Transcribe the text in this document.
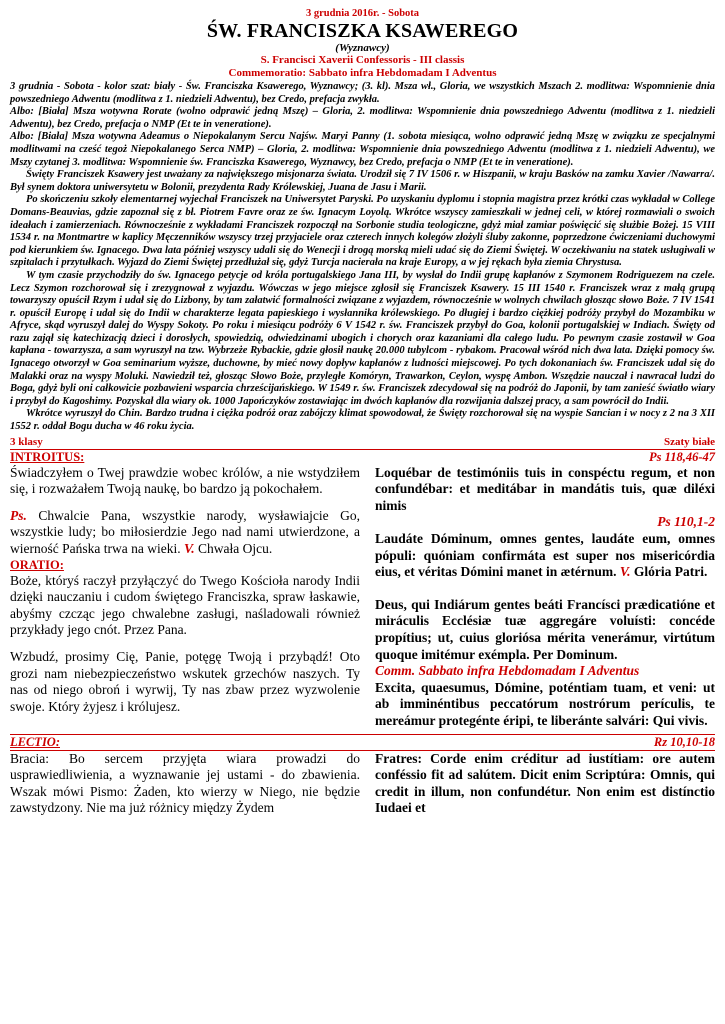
3 grudnia 2016r. - Sobota
ŚW. FRANCISZKA KSAWEREGO
(Wyznawcy)
S. Francisci Xaverii Confessoris - III classis
Commemoratio: Sabbato infra Hebdomadam I Adventus

3 grudnia - Sobota - kolor szat: biały - Św. Franciszka Ksawerego, Wyznawcy; (3. kl). Msza wł., Gloria, we wszystkich Mszach 2. modlitwa: Wspomnienie dnia powszedniego Adwentu (modlitwa z 1. niedzieli Adwentu), bez Credo, prefacja zwykła.

Albo: [Biała] Msza wotywna Rorate (wolno odprawić jedną Mszę) – Gloria, 2. modlitwa: Wspomnienie dnia powszedniego Adwentu (modlitwa z 1. niedzieli Adwentu), bez Credo, prefacja o NMP (Et te in veneratione).

Albo: [Biała] Msza wotywna Adeamus o Niepokalanym Sercu Najśw. Maryi Panny (1. sobota miesiąca, wolno odprawić jedną Mszę w związku ze specjalnymi modlitwami na cześć tegoż Niepokalanego Serca NMP) – Gloria, 2. modlitwa: Wspomnienie dnia powszedniego Adwentu (modlitwa z 1. niedzieli Adwentu), we Mszy czytanej 3. modlitwa: Wspomnienie św. Franciszka Ksawerego, Wyznawcy, bez Credo, prefacja o NMP (Et te in veneratione).

Święty Franciszek Ksawery jest uważany za największego misjonarza świata. Urodził się 7 IV 1506 r. w Hiszpanii, w kraju Basków na zamku Xavier /Nawarra/. Był synem doktora uniwersytetu w Bolonii, prezydenta Rady Królewskiej, Juana de Jasu i Marii.

Po skończeniu szkoły elementarnej wyjechał Franciszek na Uniwersytet Paryski. Po uzyskaniu dyplomu i stopnia magistra przez krótki czas wykładał w College Domans-Beauvias, gdzie zapoznał się z bł. Piotrem Favre oraz ze św. Ignacym Loyolą. Wkrótce wszyscy zamieszkali w jednej celi, w której rozmawiali o swoich ideałach i zamierzeniach. Równocześnie z wykładami Franciszek rozpoczął na Sorbonie studia teologiczne, gdyż miał zamiar poświęcić się służbie Bożej. 15 VIII 1534 r. na Montmartre w kaplicy Męczenników wszyscy trzej przyjaciele oraz czterech innych kolegów złożyli śluby zakonne, poprzedzone ćwiczeniami duchowymi pod kierunkiem św. Ignacego. Dwa lata później wszyscy udali się do Wenecji i drogą morską mieli udać się do Ziemi Świętej. W oczekiwaniu na statek usługiwali w szpitalach i przytułkach. Wyjazd do Ziemi Świętej przedłużał się, gdyż Turcja nacierała na kraje Europy, a w jej rękach była ziemia Chrystusa.

W tym czasie przychodziły do św. Ignacego petycje od króla portugalskiego Jana III, by wysłał do Indii grupę kapłanów z Szymonem Rodriguezem na czele. Lecz Szymon rozchorował się i zrezygnował z wyjazdu. Wówczas w jego miejsce zgłosił się Franciszek Ksawery. 15 III 1540 r. Franciszek wraz z małą grupą towarzyszy opuścił Rzym i udał się do Lizbony, by tam załatwić formalności związane z wyjazdem, równocześnie w wolnych chwilach głosząc słowo Boże. 7 IV 1541 r. opuścił Europę i udał się do Indii w charakterze legata papieskiego i wysłannika królewskiego. Po długiej i bardzo ciężkiej podróży przybył do Mozambiku w Afryce, skąd wyruszył dalej do Wyspy Sokoty. Po roku i miesiącu podróży 6 V 1542 r. św. Franciszek przybył do Goa, kolonii portugalskiej w Indiach. Święty od razu zajął się katechizacją dzieci i dorosłych, spowiedzią, odwiedzinami ubogich i chorych oraz kazaniami dla całego ludu. Po pewnym czasie zostawił w Goa kapłana - towarzysza, a sam wyruszył na tzw. Wybrzeże Rybackie, gdzie głosił naukę 20.000 tubylcom - rybakom. Pracował wśród nich dwa lata. Dzięki pomocy św. Ignacego otworzył w Goa seminarium wyższe, duchowne, by mieć nowy dopływ kapłanów z ludności miejscowej. Po tych dokonaniach św. Franciszek udał się do Malakki oraz na wyspy Moluki. Nawiedził też, głosząc Słowo Boże, przyległe Komóryn, Trawarkon, Ceylon, wyspę Ambon. Wszędzie nauczał i nawracał ludzi do Boga, gdyż byli oni całkowicie pozbawieni wsparcia chrześcijańskiego. W 1549 r. św. Franciszek zdecydował się na podróż do Japonii, by tam zanieść światło wiary i przybył do Kagoshimy. Pozyskał dla wiary ok. 1000 Japończyków zostawiając im dwóch kapłanów dla rozwijania dalszej pracy, a sam powrócił do Indii.

Wkrótce wyruszył do Chin. Bardzo trudna i ciężka podróż oraz zabójczy klimat spowodował, że Święty rozchorował się na wyspie Sancian i w nocy z 2 na 3 XII 1552 r. oddał Bogu ducha w 46 roku życia.

3 klasy	Szaty białe
INTROITUS:	Ps 118,46-47

Świadczyłem o Twej prawdzie wobec królów, a nie wstydziłem się, i rozważałem Twoją naukę, bo bardzo ją pokochałem.

Ps. Chwalcie Pana, wszystkie narody, wysławiajcie Go, wszystkie ludy; bo miłosierdzie Jego nad nami utwierdzone, a wierność Pańska trwa na wieki. V. Chwała Ojcu.

ORATIO:

Boże, któryś raczył przyłączyć do Twego Kościoła narody Indii dzięki nauczaniu i cudom świętego Franciszka, spraw łaskawie, abyśmy czcząc jego chwalebne zasługi, naśladowali również przykłady jego cnót. Przez Pana.

Wzbudź, prosimy Cię, Panie, potęgę Twoją i przybądź! Oto grozi nam niebezpieczeństwo wskutek grzechów naszych. Ty nas od niego obroń i wyrwij, Ty nas zbaw przez wyzwolenie swoje. Który żyjesz i królujesz.

Loquébar de testimóniis tuis in conspéctu regum, et non confundébar: et meditábar in mandátis tuis, quæ diléxi nimis

Ps 110,1-2

Laudáte Dóminum, omnes gentes, laudáte eum, omnes pópuli: quóniam confirmáta est super nos misericórdia eius, et véritas Dómini manet in ætérnum. V. Glória Patri.

Deus, qui Indiárum gentes beáti Francísci prædicatióne et miráculis Ecclésiæ tuæ aggregáre voluísti: concéde propítius; ut, cuius gloriósa mérita venerámur, virtútum quoque imitémur exémpla. Per Dominum.

Comm. Sabbato infra Hebdomadam I Adventus

Excita, quaesumus, Dómine, poténtiam tuam, et veni: ut ab imminéntibus peccatórum nostrórum perículis, te mereámur protegénte éripi, te liberánte salvári: Qui vivis.

LECTIO:	Rz 10,10-18

Bracia: Bo sercem przyjęta wiara prowadzi do usprawiedliwienia, a wyznawanie jej ustami - do zbawienia. Wszak mówi Pismo: Żaden, kto wierzy w Niego, nie będzie zawstydzony. Nie ma już różnicy między Żydem

Fratres: Corde enim créditur ad iustítiam: ore autem conféssio fit ad salútem. Dicit enim Scriptúra: Omnis, qui credit in illum, non confundétur. Non enim est distínctio Iudaei et
